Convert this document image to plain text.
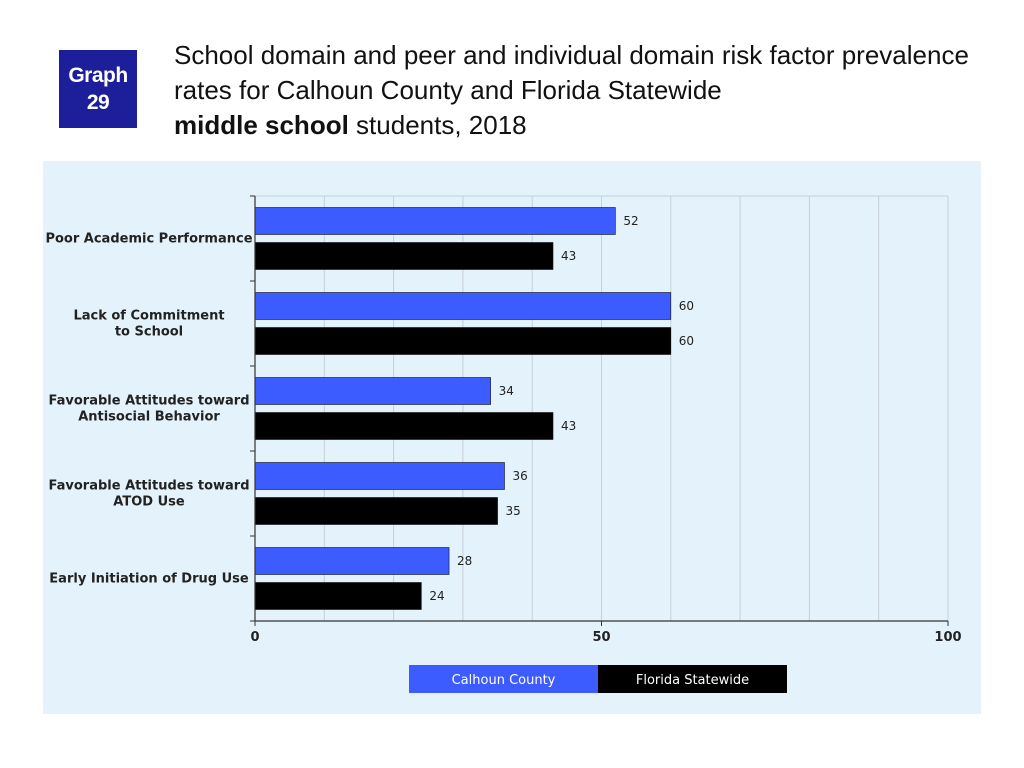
Graph
29
School domain and peer and individual domain risk factor prevalence rates for Calhoun County and Florida Statewide
middle school students, 2018
52
43
Poor Academic Performance
60
60
Lack of Commitment to School
34
43
Favorable Attitudes toward Antisocial Behavior
36
35
Favorable Attitudes toward ATOD Use
28
24
Early Initiation of Drug Use
0	50	100
Calhoun County	Florida Statewide
